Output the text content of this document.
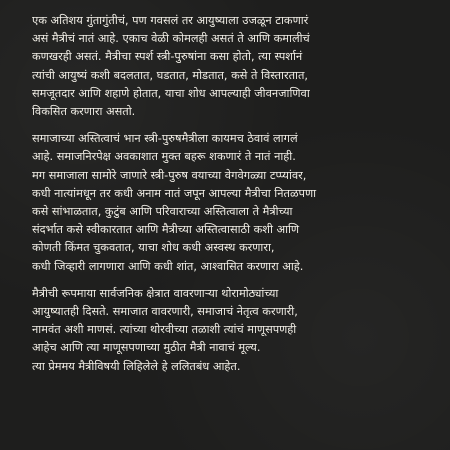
एक अतिशय गुंतागुंतीचं, पण गवसलं तर आयुष्याला उजळून टाकणारं
असं मैत्रीचं नातं आहे. एकाच वेळी कोमलही असतं ते आणि कमालीचं
कणखरही असतं. मैत्रीचा स्पर्श स्त्री-पुरुषांना कसा होतो, त्या स्पर्शानं
त्यांची आयुष्यं कशी बदलतात, घडतात, मोडतात, कसे ते विस्तारतात,
समजूतदार आणि शहाणे होतात, याचा शोध आपल्याही जीवनजाणिवा
विकसित करणारा असतो.

समाजाच्या अस्तित्वाचं भान स्त्री-पुरुषमैत्रीला कायमच ठेवावं लागलं
आहे. समाजनिरपेक्ष अवकाशात मुक्त बहरू शकणारं ते नातं नाही.
मग समाजाला सामोरे जाणारे स्त्री-पुरुष वयाच्या वेगवेगळ्या टप्प्यांवर,
कधी नात्यांमधून तर कधी अनाम नातं जपून आपल्या मैत्रीचा नितळपणा
कसे सांभाळतात, कुटुंब आणि परिवाराच्या अस्तित्वाला ते मैत्रीच्या
संदर्भात कसे स्वीकारतात आणि मैत्रीच्या अस्तित्वासाठी कशी आणि
कोणती किंमत चुकवतात, याचा शोध कधी अस्वस्थ करणारा,
कधी जिव्हारी लागणारा आणि कधी शांत, आश्वासित करणारा आहे.

मैत्रीची रूपमाया सार्वजनिक क्षेत्रात वावरणाऱ्या थोरामोठ्यांच्या
आयुष्यातही दिसते. समाजात वावरणारी, समाजाचं नेतृत्व करणारी,
नामवंत अशी माणसं. त्यांच्या थोरवीच्या तळाशी त्यांचं माणूसपणही
आहेच आणि त्या माणूसपणाच्या मुठीत मैत्री नावाचं मूल्य.
त्या प्रेममय मैत्रीविषयी लिहिलेले हे ललितबंध आहेत.
